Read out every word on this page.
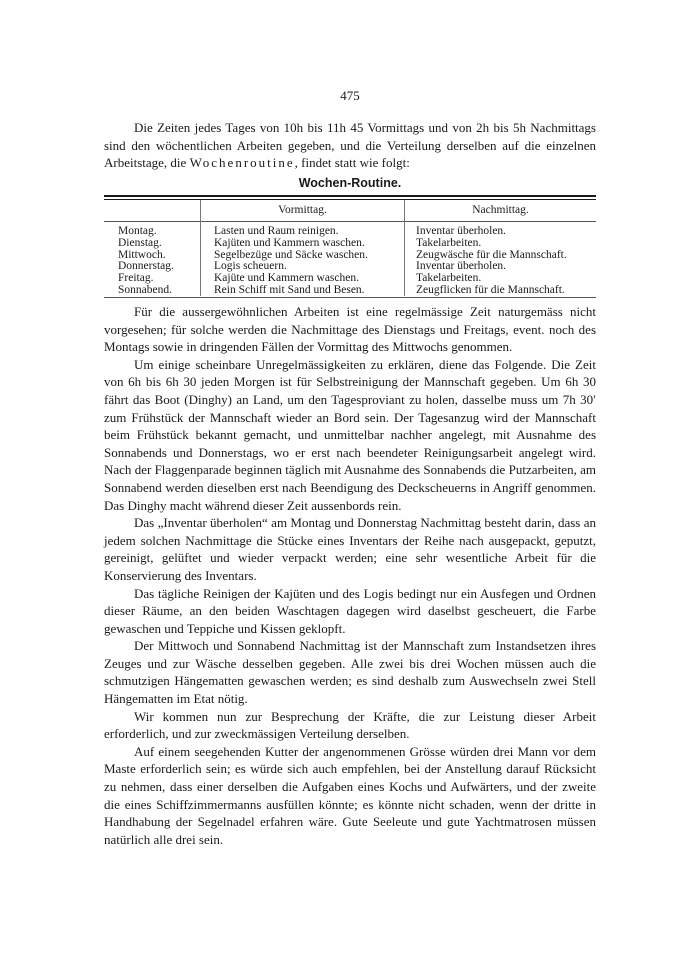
475

Die Zeiten jedes Tages von 10h bis 11h 45 Vormittags und von 2h bis 5h Nachmittags sind den wöchentlichen Arbeiten gegeben, und die Verteilung derselben auf die einzelnen Arbeitstage, die Wochenroutine, findet statt wie folgt:

Wochen-Routine.
Vormittag.	Nachmittag.
Montag.
Dienstag.
Mittwoch.
Donnerstag.
Freitag.
Sonnabend.
Lasten und Raum reinigen.
Kajüten und Kammern waschen.
Segelbezüge und Säcke waschen.
Logis scheuern.
Kajüte und Kammern waschen.
Rein Schiff mit Sand und Besen.
Inventar überholen.
Takelarbeiten.
Zeugwäsche für die Mannschaft.
Inventar überholen.
Takelarbeiten.
Zeugflicken für die Mannschaft.

Für die aussergewöhnlichen Arbeiten ist eine regelmässige Zeit naturgemäss nicht vorgesehen; für solche werden die Nachmittage des Dienstags und Freitags, event. noch des Montags sowie in dringenden Fällen der Vormittag des Mittwochs genommen.

Um einige scheinbare Unregelmässigkeiten zu erklären, diene das Folgende. Die Zeit von 6h bis 6h 30 jeden Morgen ist für Selbstreinigung der Mannschaft gegeben. Um 6h 30 fährt das Boot (Dinghy) an Land, um den Tagesproviant zu holen, dasselbe muss um 7h 30′ zum Frühstück der Mannschaft wieder an Bord sein. Der Tagesanzug wird der Mannschaft beim Frühstück bekannt gemacht, und unmittelbar nachher angelegt, mit Ausnahme des Sonnabends und Donnerstags, wo er erst nach beendeter Reinigungsarbeit angelegt wird. Nach der Flaggenparade beginnen täglich mit Ausnahme des Sonnabends die Putzarbeiten, am Sonnabend werden dieselben erst nach Beendigung des Deckscheuerns in Angriff genommen. Das Dinghy macht während dieser Zeit aussenbords rein.

Das „Inventar überholen“ am Montag und Donnerstag Nachmittag besteht darin, dass an jedem solchen Nachmittage die Stücke eines Inventars der Reihe nach ausgepackt, geputzt, gereinigt, gelüftet und wieder verpackt werden; eine sehr wesentliche Arbeit für die Konservierung des Inventars.

Das tägliche Reinigen der Kajüten und des Logis bedingt nur ein Ausfegen und Ordnen dieser Räume, an den beiden Waschtagen dagegen wird daselbst gescheuert, die Farbe gewaschen und Teppiche und Kissen geklopft.

Der Mittwoch und Sonnabend Nachmittag ist der Mannschaft zum Instandsetzen ihres Zeuges und zur Wäsche desselben gegeben. Alle zwei bis drei Wochen müssen auch die schmutzigen Hängematten gewaschen werden; es sind deshalb zum Auswechseln zwei Stell Hängematten im Etat nötig.

Wir kommen nun zur Besprechung der Kräfte, die zur Leistung dieser Arbeit erforderlich, und zur zweckmässigen Verteilung derselben.

Auf einem seegehenden Kutter der angenommenen Grösse würden drei Mann vor dem Maste erforderlich sein; es würde sich auch empfehlen, bei der Anstellung darauf Rücksicht zu nehmen, dass einer derselben die Aufgaben eines Kochs und Aufwärters, und der zweite die eines Schiffzimmermanns ausfüllen könnte; es könnte nicht schaden, wenn der dritte in Handhabung der Segelnadel erfahren wäre. Gute Seeleute und gute Yachtmatrosen müssen natürlich alle drei sein.
